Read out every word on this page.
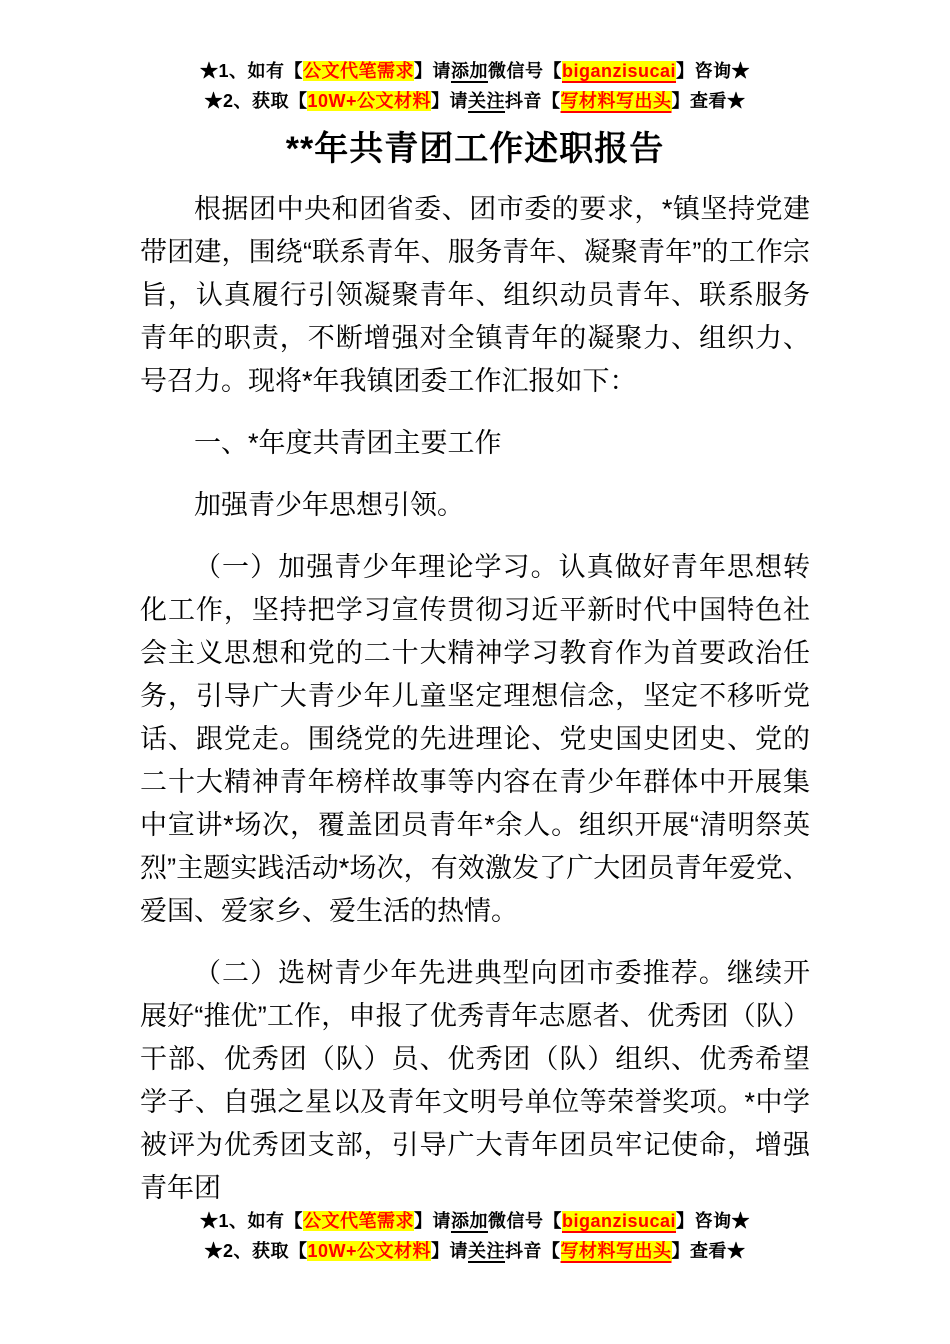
★1、如有【公文代笔需求】请添加微信号【biganzisucai】咨询★
★2、获取【10W+公文材料】请关注抖音【写材料写出头】查看★
**年共青团工作述职报告

根据团中央和团省委、团市委的要求，*镇坚持党建带团建，围绕“联系青年、服务青年、凝聚青年”的工作宗旨，认真履行引领凝聚青年、组织动员青年、联系服务青年的职责，不断增强对全镇青年的凝聚力、组织力、号召力。现将*年我镇团委工作汇报如下：

一、*年度共青团主要工作

加强青少年思想引领。

（一）加强青少年理论学习。认真做好青年思想转化工作，坚持把学习宣传贯彻习近平新时代中国特色社会主义思想和党的二十大精神学习教育作为首要政治任务，引导广大青少年儿童坚定理想信念，坚定不移听党话、跟党走。围绕党的先进理论、党史国史团史、党的二十大精神青年榜样故事等内容在青少年群体中开展集中宣讲*场次，覆盖团员青年*余人。组织开展“清明祭英烈”主题实践活动*场次，有效激发了广大团员青年爱党、爱国、爱家乡、爱生活的热情。

（二）选树青少年先进典型向团市委推荐。继续开展好“推优”工作，申报了优秀青年志愿者、优秀团（队）干部、优秀团（队）员、优秀团（队）组织、优秀希望学子、自强之星以及青年文明号单位等荣誉奖项。*中学被评为优秀团支部，引导广大青年团员牢记使命，增强青年团

★1、如有【公文代笔需求】请添加微信号【biganzisucai】咨询★
★2、获取【10W+公文材料】请关注抖音【写材料写出头】查看★
